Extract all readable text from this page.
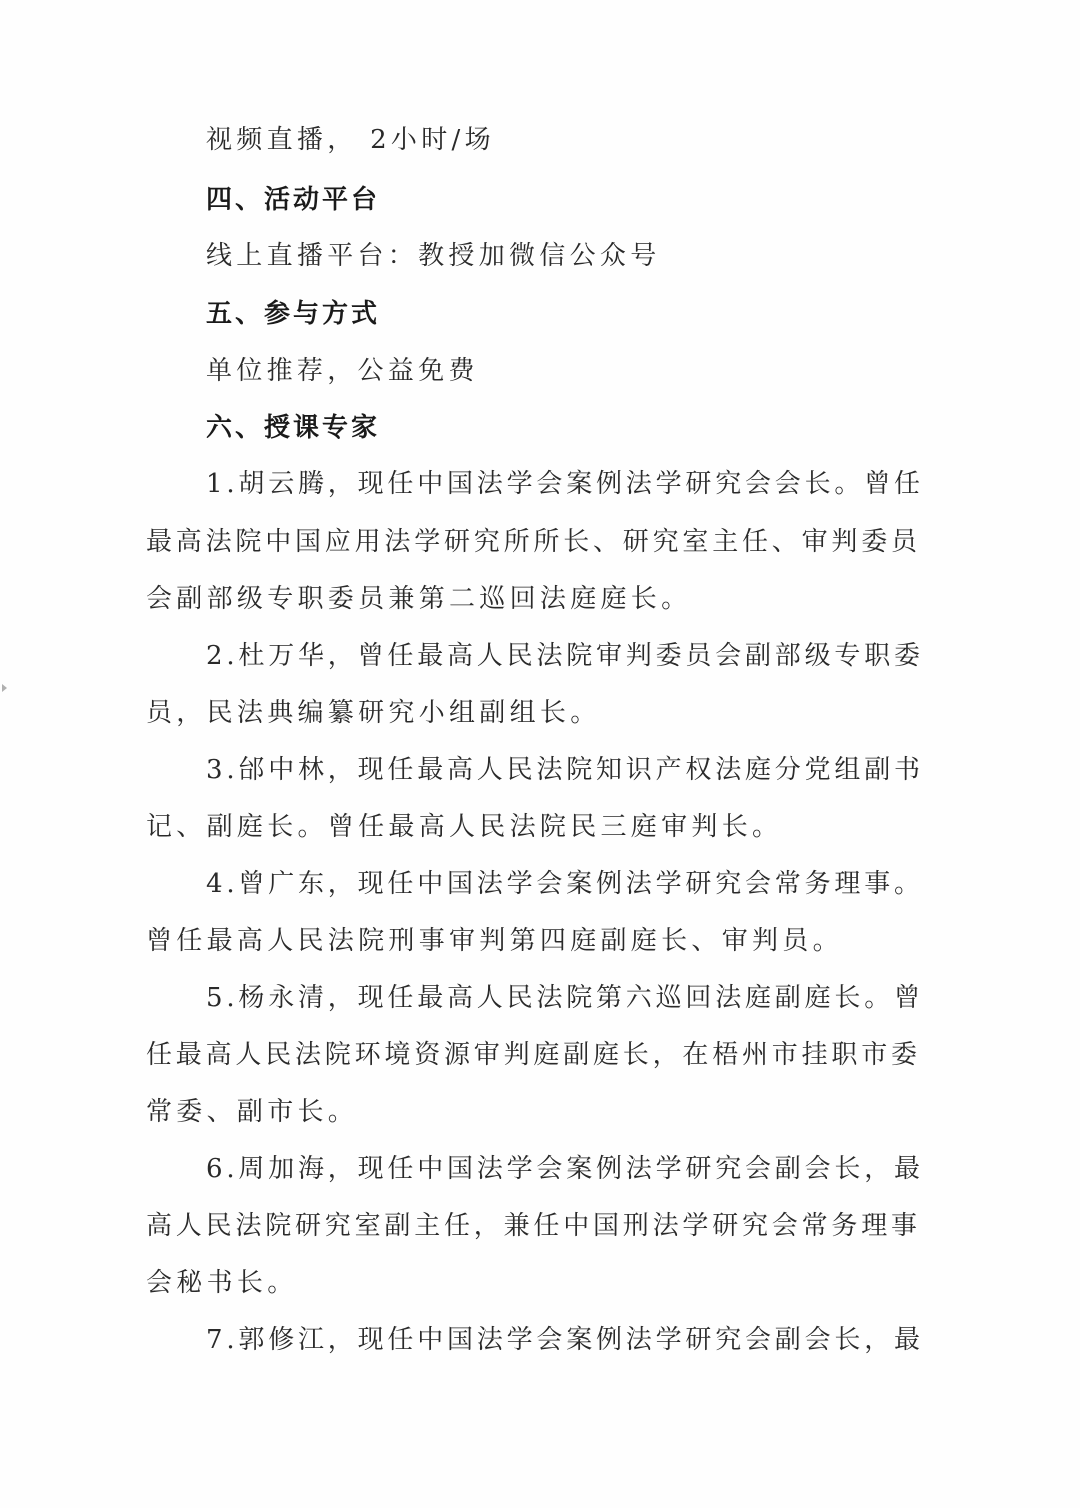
视频直播， 2小时/场

四、活动平台

线上直播平台：教授加微信公众号

五、参与方式

单位推荐，公益免费

六、授课专家

1.胡云腾，现任中国法学会案例法学研究会会长。曾任

最高法院中国应用法学研究所所长、研究室主任、审判委员

会副部级专职委员兼第二巡回法庭庭长。

2.杜万华，曾任最高人民法院审判委员会副部级专职委

员，民法典编纂研究小组副组长。

3.邰中林，现任最高人民法院知识产权法庭分党组副书

记、副庭长。曾任最高人民法院民三庭审判长。

4.曾广东，现任中国法学会案例法学研究会常务理事。

曾任最高人民法院刑事审判第四庭副庭长、审判员。

5.杨永清，现任最高人民法院第六巡回法庭副庭长。曾

任最高人民法院环境资源审判庭副庭长，在梧州市挂职市委

常委、副市长。

6.周加海，现任中国法学会案例法学研究会副会长，最

高人民法院研究室副主任，兼任中国刑法学研究会常务理事

会秘书长。

7.郭修江，现任中国法学会案例法学研究会副会长，最
